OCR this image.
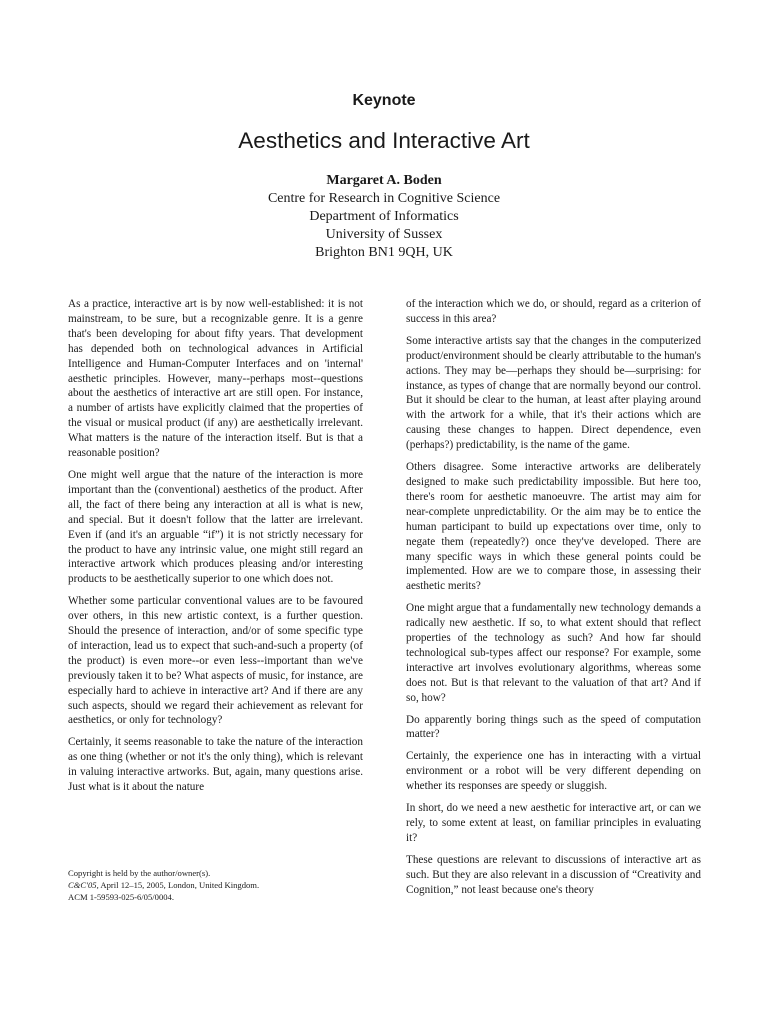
Keynote
Aesthetics and Interactive Art
Margaret A. Boden
Centre for Research in Cognitive Science
Department of Informatics
University of Sussex
Brighton BN1 9QH, UK

As a practice, interactive art is by now well-established: it is not mainstream, to be sure, but a recognizable genre. It is a genre that's been developing for about fifty years. That development has depended both on technological advances in Artificial Intelligence and Human-Computer Interfaces and on 'internal' aesthetic principles. However, many--perhaps most--questions about the aesthetics of interactive art are still open. For instance, a number of artists have explicitly claimed that the properties of the visual or musical product (if any) are aesthetically irrelevant. What matters is the nature of the interaction itself. But is that a reasonable position?

One might well argue that the nature of the interaction is more important than the (conventional) aesthetics of the product. After all, the fact of there being any interaction at all is what is new, and special. But it doesn't follow that the latter are irrelevant. Even if (and it's an arguable “if”) it is not strictly necessary for the product to have any intrinsic value, one might still regard an interactive artwork which produces pleasing and/or interesting products to be aesthetically superior to one which does not.

Whether some particular conventional values are to be favoured over others, in this new artistic context, is a further question. Should the presence of interaction, and/or of some specific type of interaction, lead us to expect that such-and-such a property (of the product) is even more--or even less--important than we've previously taken it to be? What aspects of music, for instance, are especially hard to achieve in interactive art? And if there are any such aspects, should we regard their achievement as relevant for aesthetics, or only for technology?

Certainly, it seems reasonable to take the nature of the interaction as one thing (whether or not it's the only thing), which is relevant in valuing interactive artworks. But, again, many questions arise. Just what is it about the nature

Copyright is held by the author/owner(s).
C&C'05, April 12–15, 2005, London, United Kingdom.
ACM 1-59593-025-6/05/0004.

of the interaction which we do, or should, regard as a criterion of success in this area?

Some interactive artists say that the changes in the computerized product/environment should be clearly attributable to the human's actions. They may be—perhaps they should be—surprising: for instance, as types of change that are normally beyond our control. But it should be clear to the human, at least after playing around with the artwork for a while, that it's their actions which are causing these changes to happen. Direct dependence, even (perhaps?) predictability, is the name of the game.

Others disagree. Some interactive artworks are deliberately designed to make such predictability impossible. But here too, there's room for aesthetic manoeuvre. The artist may aim for near-complete unpredictability. Or the aim may be to entice the human participant to build up expectations over time, only to negate them (repeatedly?) once they've developed. There are many specific ways in which these general points could be implemented. How are we to compare those, in assessing their aesthetic merits?

One might argue that a fundamentally new technology demands a radically new aesthetic. If so, to what extent should that reflect properties of the technology as such? And how far should technological sub-types affect our response? For example, some interactive art involves evolutionary algorithms, whereas some does not. But is that relevant to the valuation of that art? And if so, how?

Do apparently boring things such as the speed of computation matter?

Certainly, the experience one has in interacting with a virtual environment or a robot will be very different depending on whether its responses are speedy or sluggish.

In short, do we need a new aesthetic for interactive art, or can we rely, to some extent at least, on familiar principles in evaluating it?

These questions are relevant to discussions of interactive art as such. But they are also relevant in a discussion of “Creativity and Cognition,” not least because one's theory
